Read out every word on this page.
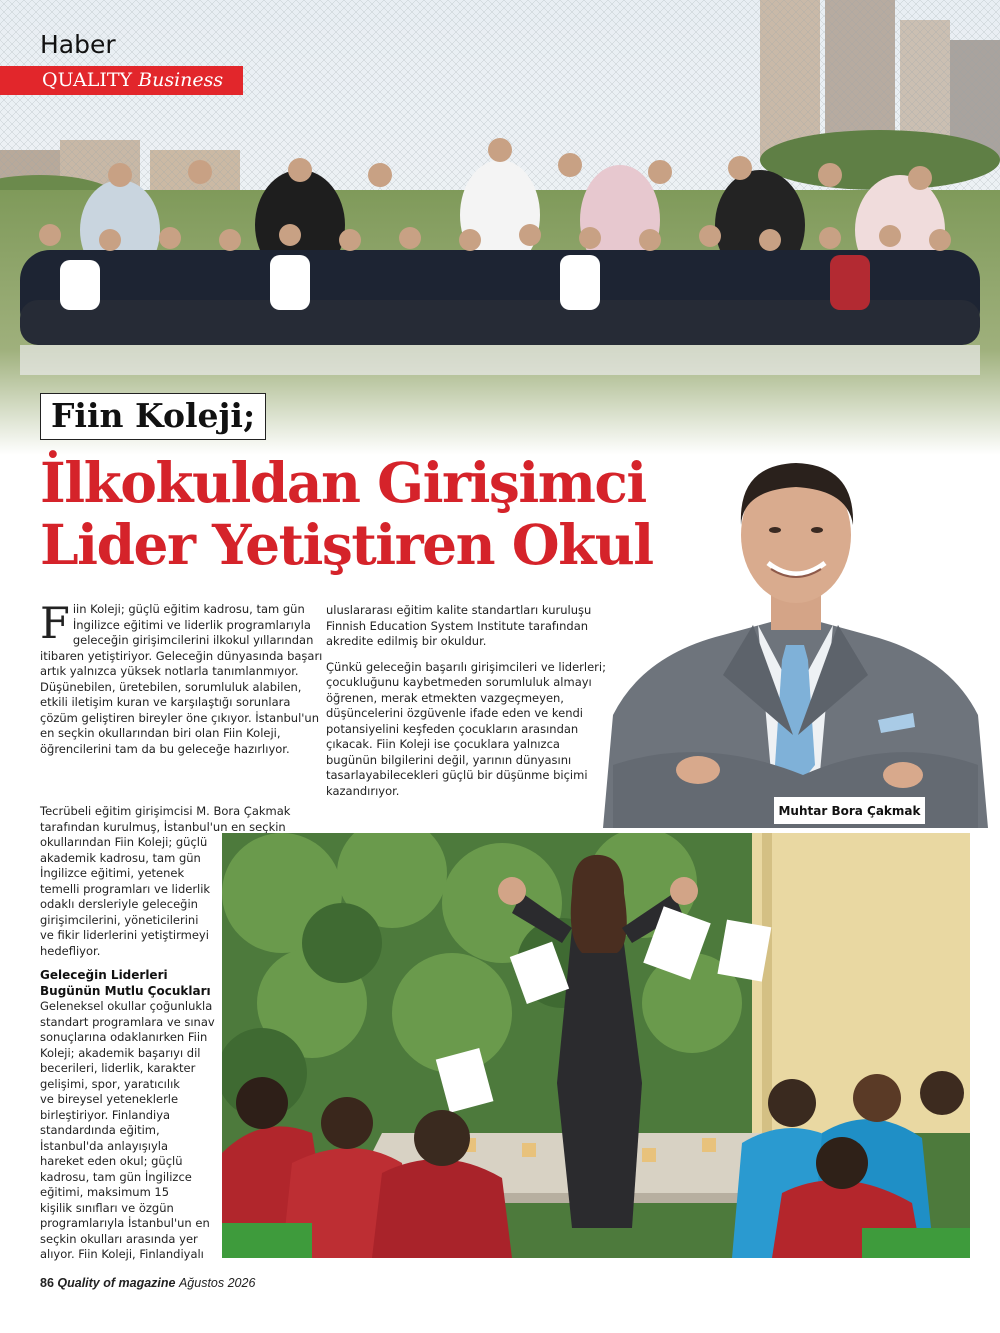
Haber
QUALITY Business
Fiin Koleji;
İlkokuldan Girişimci
Lider Yetiştiren Okul
Muhtar Bora Çakmak
F iin Koleji; güçlü eğitim kadrosu, tam gün
İngilizce eğitimi ve liderlik programlarıyla
geleceğin girişimcilerini ilkokul yıllarından
itibaren yetiştiriyor. Geleceğin dünyasında başarı
artık yalnızca yüksek notlarla tanımlanmıyor.
Düşünebilen, üretebilen, sorumluluk alabilen,
etkili iletişim kuran ve karşılaştığı sorunlara
çözüm geliştiren bireyler öne çıkıyor. İstanbul'un
en seçkin okullarından biri olan Fiin Koleji,
öğrencilerini tam da bu geleceğe hazırlıyor.
Tecrübeli eğitim girişimcisi M. Bora Çakmak
tarafından kurulmuş, İstanbul'un en seçkin
okullarından Fiin Koleji; güçlü
akademik kadrosu, tam gün
İngilizce eğitimi, yetenek
temelli programları ve liderlik
odaklı dersleriyle geleceğin
girişimcilerini, yöneticilerini
ve fikir liderlerini yetiştirmeyi
hedefliyor.
Geleceğin Liderleri
Bugünün Mutlu Çocukları
Geleneksel okullar çoğunlukla
standart programlara ve sınav
sonuçlarına odaklanırken Fiin
Koleji; akademik başarıyı dil
becerileri, liderlik, karakter
gelişimi, spor, yaratıcılık
ve bireysel yeteneklerle
birleştiriyor. Finlandiya
standardında eğitim,
İstanbul'da anlayışıyla
hareket eden okul; güçlü
kadrosu, tam gün İngilizce
eğitimi, maksimum 15
kişilik sınıfları ve özgün
programlarıyla İstanbul'un en
seçkin okulları arasında yer
alıyor. Fiin Koleji, Finlandiyalı
uluslararası eğitim kalite standartları kuruluşu
Finnish Education System Institute tarafından
akredite edilmiş bir okuldur.
Çünkü geleceğin başarılı girişimcileri ve liderleri;
çocukluğunu kaybetmeden sorumluluk almayı
öğrenen, merak etmekten vazgeçmeyen,
düşüncelerini özgüvenle ifade eden ve kendi
potansiyelini keşfeden çocukların arasından
çıkacak. Fiin Koleji ise çocuklara yalnızca
bugünün bilgilerini değil, yarının dünyasını
tasarlayabilecekleri güçlü bir düşünme biçimi
kazandırıyor.
86 Quality of magazine Ağustos 2026
